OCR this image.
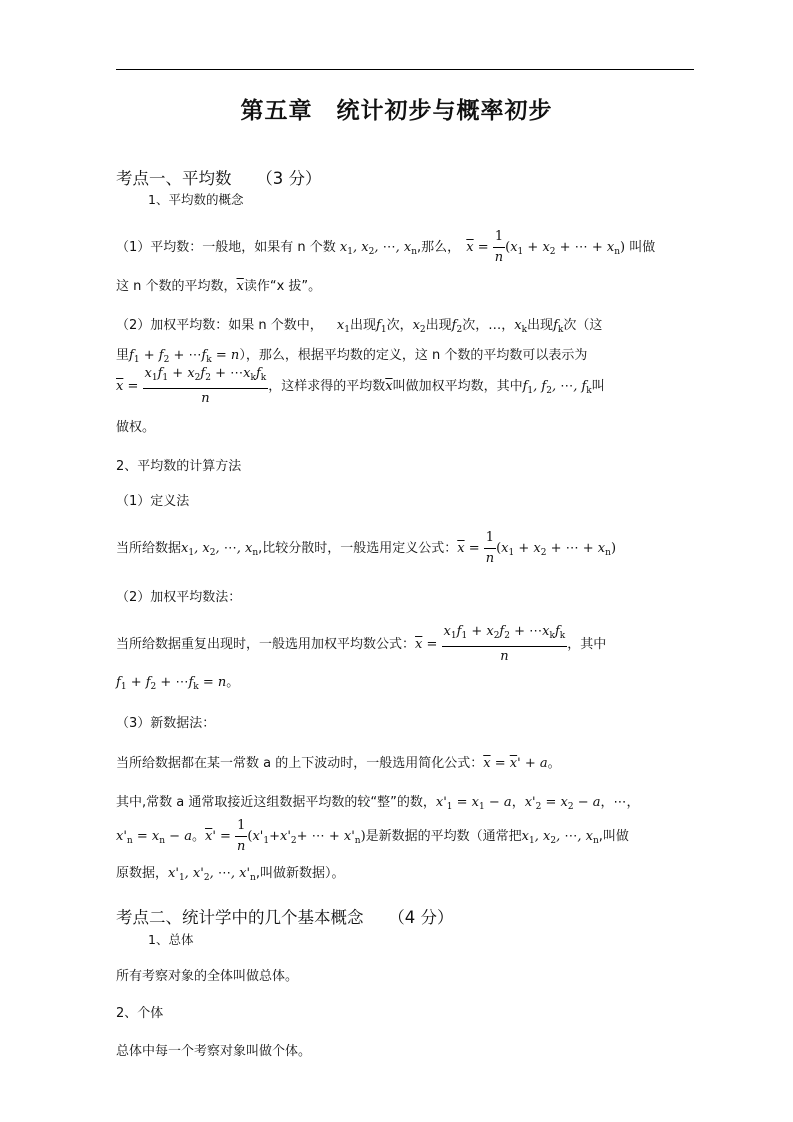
第五章　统计初步与概率初步
考点一、平均数　　（3 分）
1、平均数的概念
（1）平均数：一般地，如果有 n 个数 $x_1$, $x_2$, ⋯, $x_n$,那么， $\overline{x} = \frac{1}{n} (x_1 + x_2$ + ⋯ + $x_n$) 叫做
这 n 个数的平均数，$\overline{x}$读作“x 拔”。
（2）加权平均数：如果 n 个数中， $x_1$出现$f_1$次，$x_2$出现$f_2$次，…，$x_k$出现$f_k$次（这
里$f_1 + f_2$ + $\cdots f_k = n$），那么，根据平均数的定义，这 n 个数的平均数可以表示为
$\overline{x} = \frac{x_1f_1 + x_2f_2 + \cdots x_kf_k}{n}$ ，这样求得的平均数$\overline{x}$叫做加权平均数，其中$f_1$, $f_2$, ⋯, $f_k$叫
做权。
2、平均数的计算方法
（1）定义法
当所给数据$x_1$, $x_2$, ⋯, $x_n$,比较分散时，一般选用定义公式：$\overline{x} = \frac{1}{n} (x_1 + x_2$ + ⋯ + $x_n$)
（2）加权平均数法：
当所给数据重复出现时，一般选用加权平均数公式：$\overline{x} = \frac{x_1f_1 + x_2f_2 + \cdots x_kf_k}{n}$ ，其中
$f_1 + f_2$ + $\cdots f_k = n$。
（3）新数据法：
当所给数据都在某一常数 a 的上下波动时，一般选用简化公式：$\overline{x} = \overline{x}' + a$。
其中,常数 a 通常取接近这组数据平均数的较“整”的数，$x'_1 = x_1 - a$，$x'_2 = x_2 - a$，⋯，
$x'_n = x_n - a$。$\overline{x}' = \frac{1}{n} (x'_1+x'_2+$ ⋯ + $x'_n$)是新数据的平均数（通常把$x_1$, $x_2$, ⋯, $x_n$,叫做
原数据，$x'_1$, $x'_2$, ⋯, $x'_n$,叫做新数据）。
考点二、统计学中的几个基本概念　　（4 分）
1、总体
所有考察对象的全体叫做总体。
2、个体
总体中每一个考察对象叫做个体。
